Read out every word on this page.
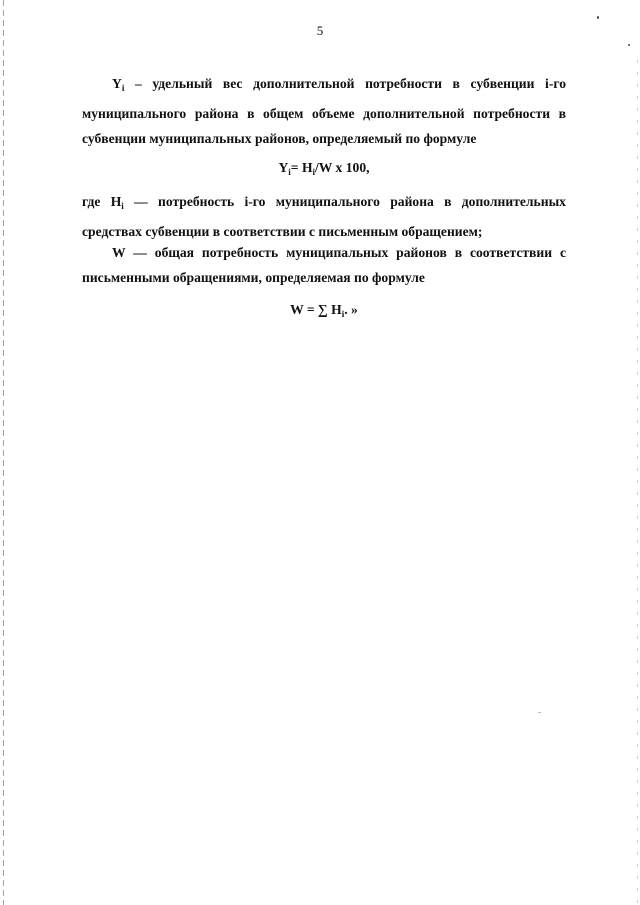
5

$Y_i$ – удельный вес дополнительной потребности в субвенции i-го муниципального района в общем объеме дополнительной потребности в субвенции муниципальных районов, определяемый по формуле

$Y_i= H_i/W$ x 100,

где $H_i$ — потребность i-го муниципального района в дополнительных средствах субвенции в соответствии с письменным обращением;

W — общая потребность муниципальных районов в соответствии с письменными обращениями, определяемая по формуле

W = ∑ $H_i$. »
